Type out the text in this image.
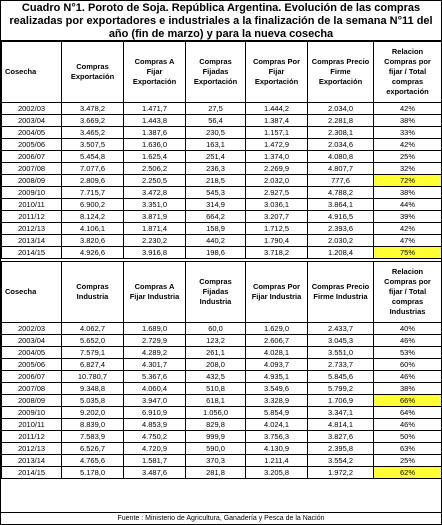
Cuadro N°1. Poroto de Soja. República Argentina. Evolución de las compras realizadas por exportadores e industriales a la finalización de la semana N°11 del año (fin de marzo) y para la nueva cosecha
Cosecha	Compras Exportación	Compras A Fijar Exportación	Compras Fijadas Exportación	Compras Por Fijar Exportación	Compras Precio Firme Exportación	Relacion Compras por fijar / Total compras exportación
2002/03	3.478,2	1.471,7	27,5	1.444,2	2.034,0	42%
2003/04	3.669,2	1.443,8	56,4	1.387,4	2.281,8	38%
2004/05	3.465,2	1.387,6	230,5	1.157,1	2.308,1	33%
2005/06	3.507,5	1.636,0	163,1	1.472,9	2.034,6	42%
2006/07	5.454,8	1.625,4	251,4	1.374,0	4.080,8	25%
2007/08	7.077,6	2.506,2	236,3	2.269,9	4.807,7	32%
2008/09	2.809,6	2.250,5	218,5	2.032,0	777,6	72%
2009/10	7.715,7	3.472,8	545,3	2.927,5	4.788,2	38%
2010/11	6.900,2	3.351,0	314,9	3.036,1	3.864,1	44%
2011/12	8.124,2	3.871,9	664,2	3.207,7	4.916,5	39%
2012/13	4.106,1	1.871,4	158,9	1.712,5	2.393,6	42%
2013/14	3.820,6	2.230,2	440,2	1.790,4	2.030,2	47%
2014/15	4.926,6	3.916,8	198,6	3.718,2	1.208,4	75%
Cosecha	Compras Industria	Compras A Fijar Industria	Compras Fijadas Industria	Compras Por Fijar Industria	Compras Precio Firme Industria	Relacion Compras por fijar / Total compras Industrias
2002/03	4.062,7	1.689,0	60,0	1.629,0	2.433,7	40%
2003/04	5.652,0	2.729,9	123,2	2.606,7	3.045,3	46%
2004/05	7.579,1	4.289,2	261,1	4.028,1	3.551,0	53%
2005/06	6.827,4	4.301,7	208,0	4.093,7	2.733,7	60%
2006/07	10.780,7	5.367,6	432,5	4.935,1	5.845,6	46%
2007/08	9.348,8	4.060,4	510,8	3.549,6	5.799,2	38%
2008/09	5.035,8	3.947,0	618,1	3.328,9	1.706,9	66%
2009/10	9.202,0	6.910,9	1.056,0	5.854,9	3.347,1	64%
2010/11	8.839,0	4.853,9	829,8	4.024,1	4.814,1	46%
2011/12	7.583,9	4.750,2	999,9	3.756,3	3.827,6	50%
2012/13	6.526,7	4.720,9	590,0	4.130,9	2.395,8	63%
2013/14	4.765,6	1.581,7	370,3	1.211,4	3.554,2	25%
2014/15	5.178,0	3.487,6	281,8	3.205,8	1.972,2	62%
Fuente : Ministerio de Agricultura, Ganadería y Pesca de la Nación
